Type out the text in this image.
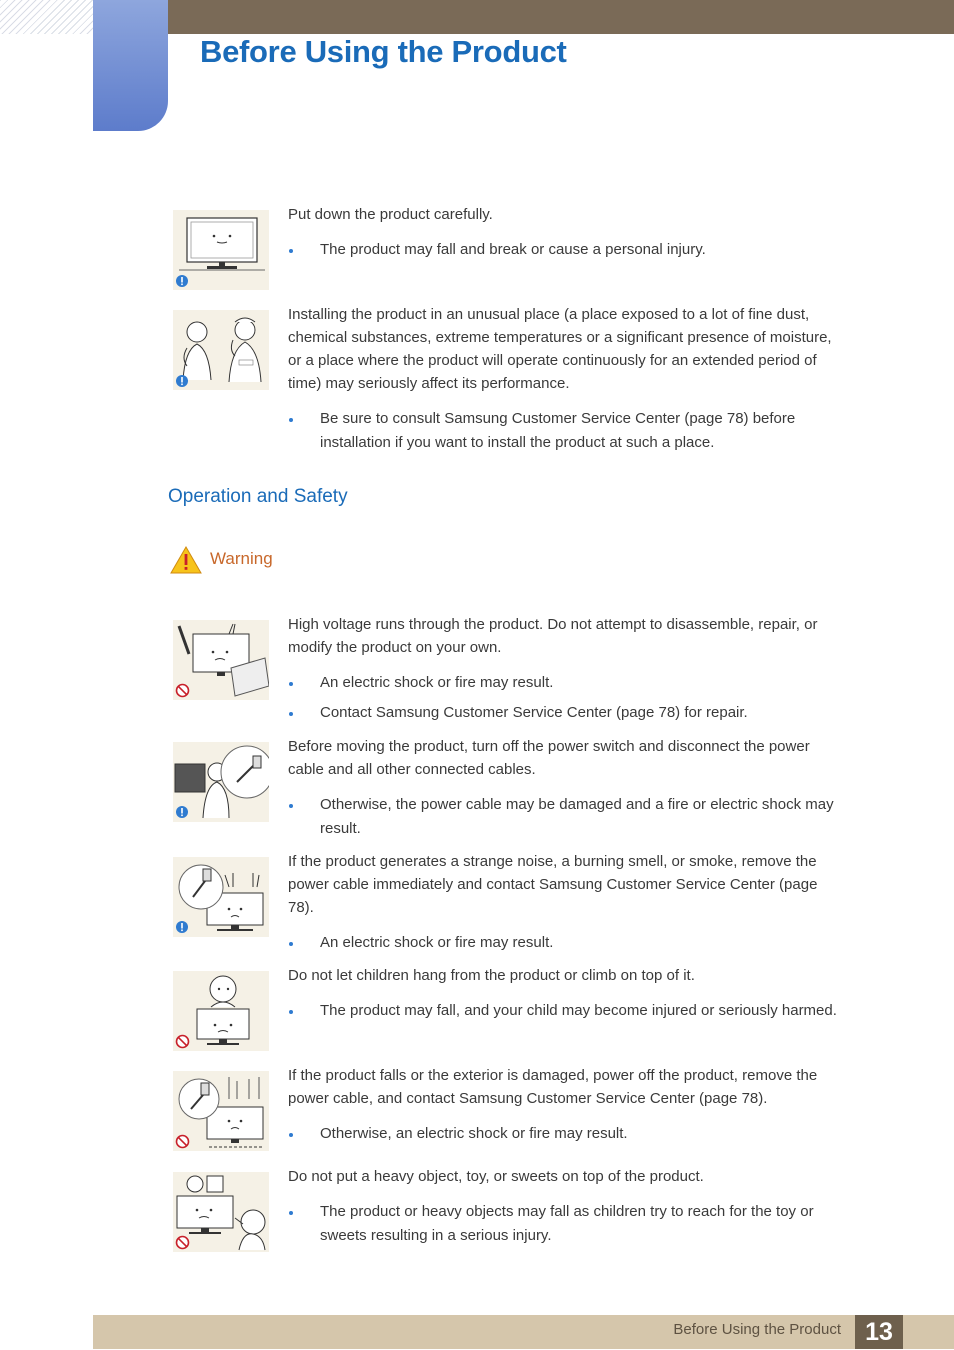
Before Using the Product

Put down the product carefully.

The product may fall and break or cause a personal injury.

Installing the product in an unusual place (a place exposed to a lot of fine dust, chemical substances, extreme temperatures or a significant presence of moisture, or a place where the product will operate continuously for an extended period of time) may seriously affect its performance.

Be sure to consult Samsung Customer Service Center (page 78) before installation if you want to install the product at such a place.
Operation and Safety
Warning

High voltage runs through the product. Do not attempt to disassemble, repair, or modify the product on your own.

An electric shock or fire may result.
Contact Samsung Customer Service Center (page 78) for repair.

Before moving the product, turn off the power switch and disconnect the power cable and all other connected cables.

Otherwise, the power cable may be damaged and a fire or electric shock may result.

If the product generates a strange noise, a burning smell, or smoke, remove the power cable immediately and contact Samsung Customer Service Center (page 78).

An electric shock or fire may result.

Do not let children hang from the product or climb on top of it.

The product may fall, and your child may become injured or seriously harmed.

If the product falls or the exterior is damaged, power off the product, remove the power cable, and contact Samsung Customer Service Center (page 78).

Otherwise, an electric shock or fire may result.

Do not put a heavy object, toy, or sweets on top of the product.

The product or heavy objects may fall as children try to reach for the toy or sweets resulting in a serious injury.
Before Using the Product 13
